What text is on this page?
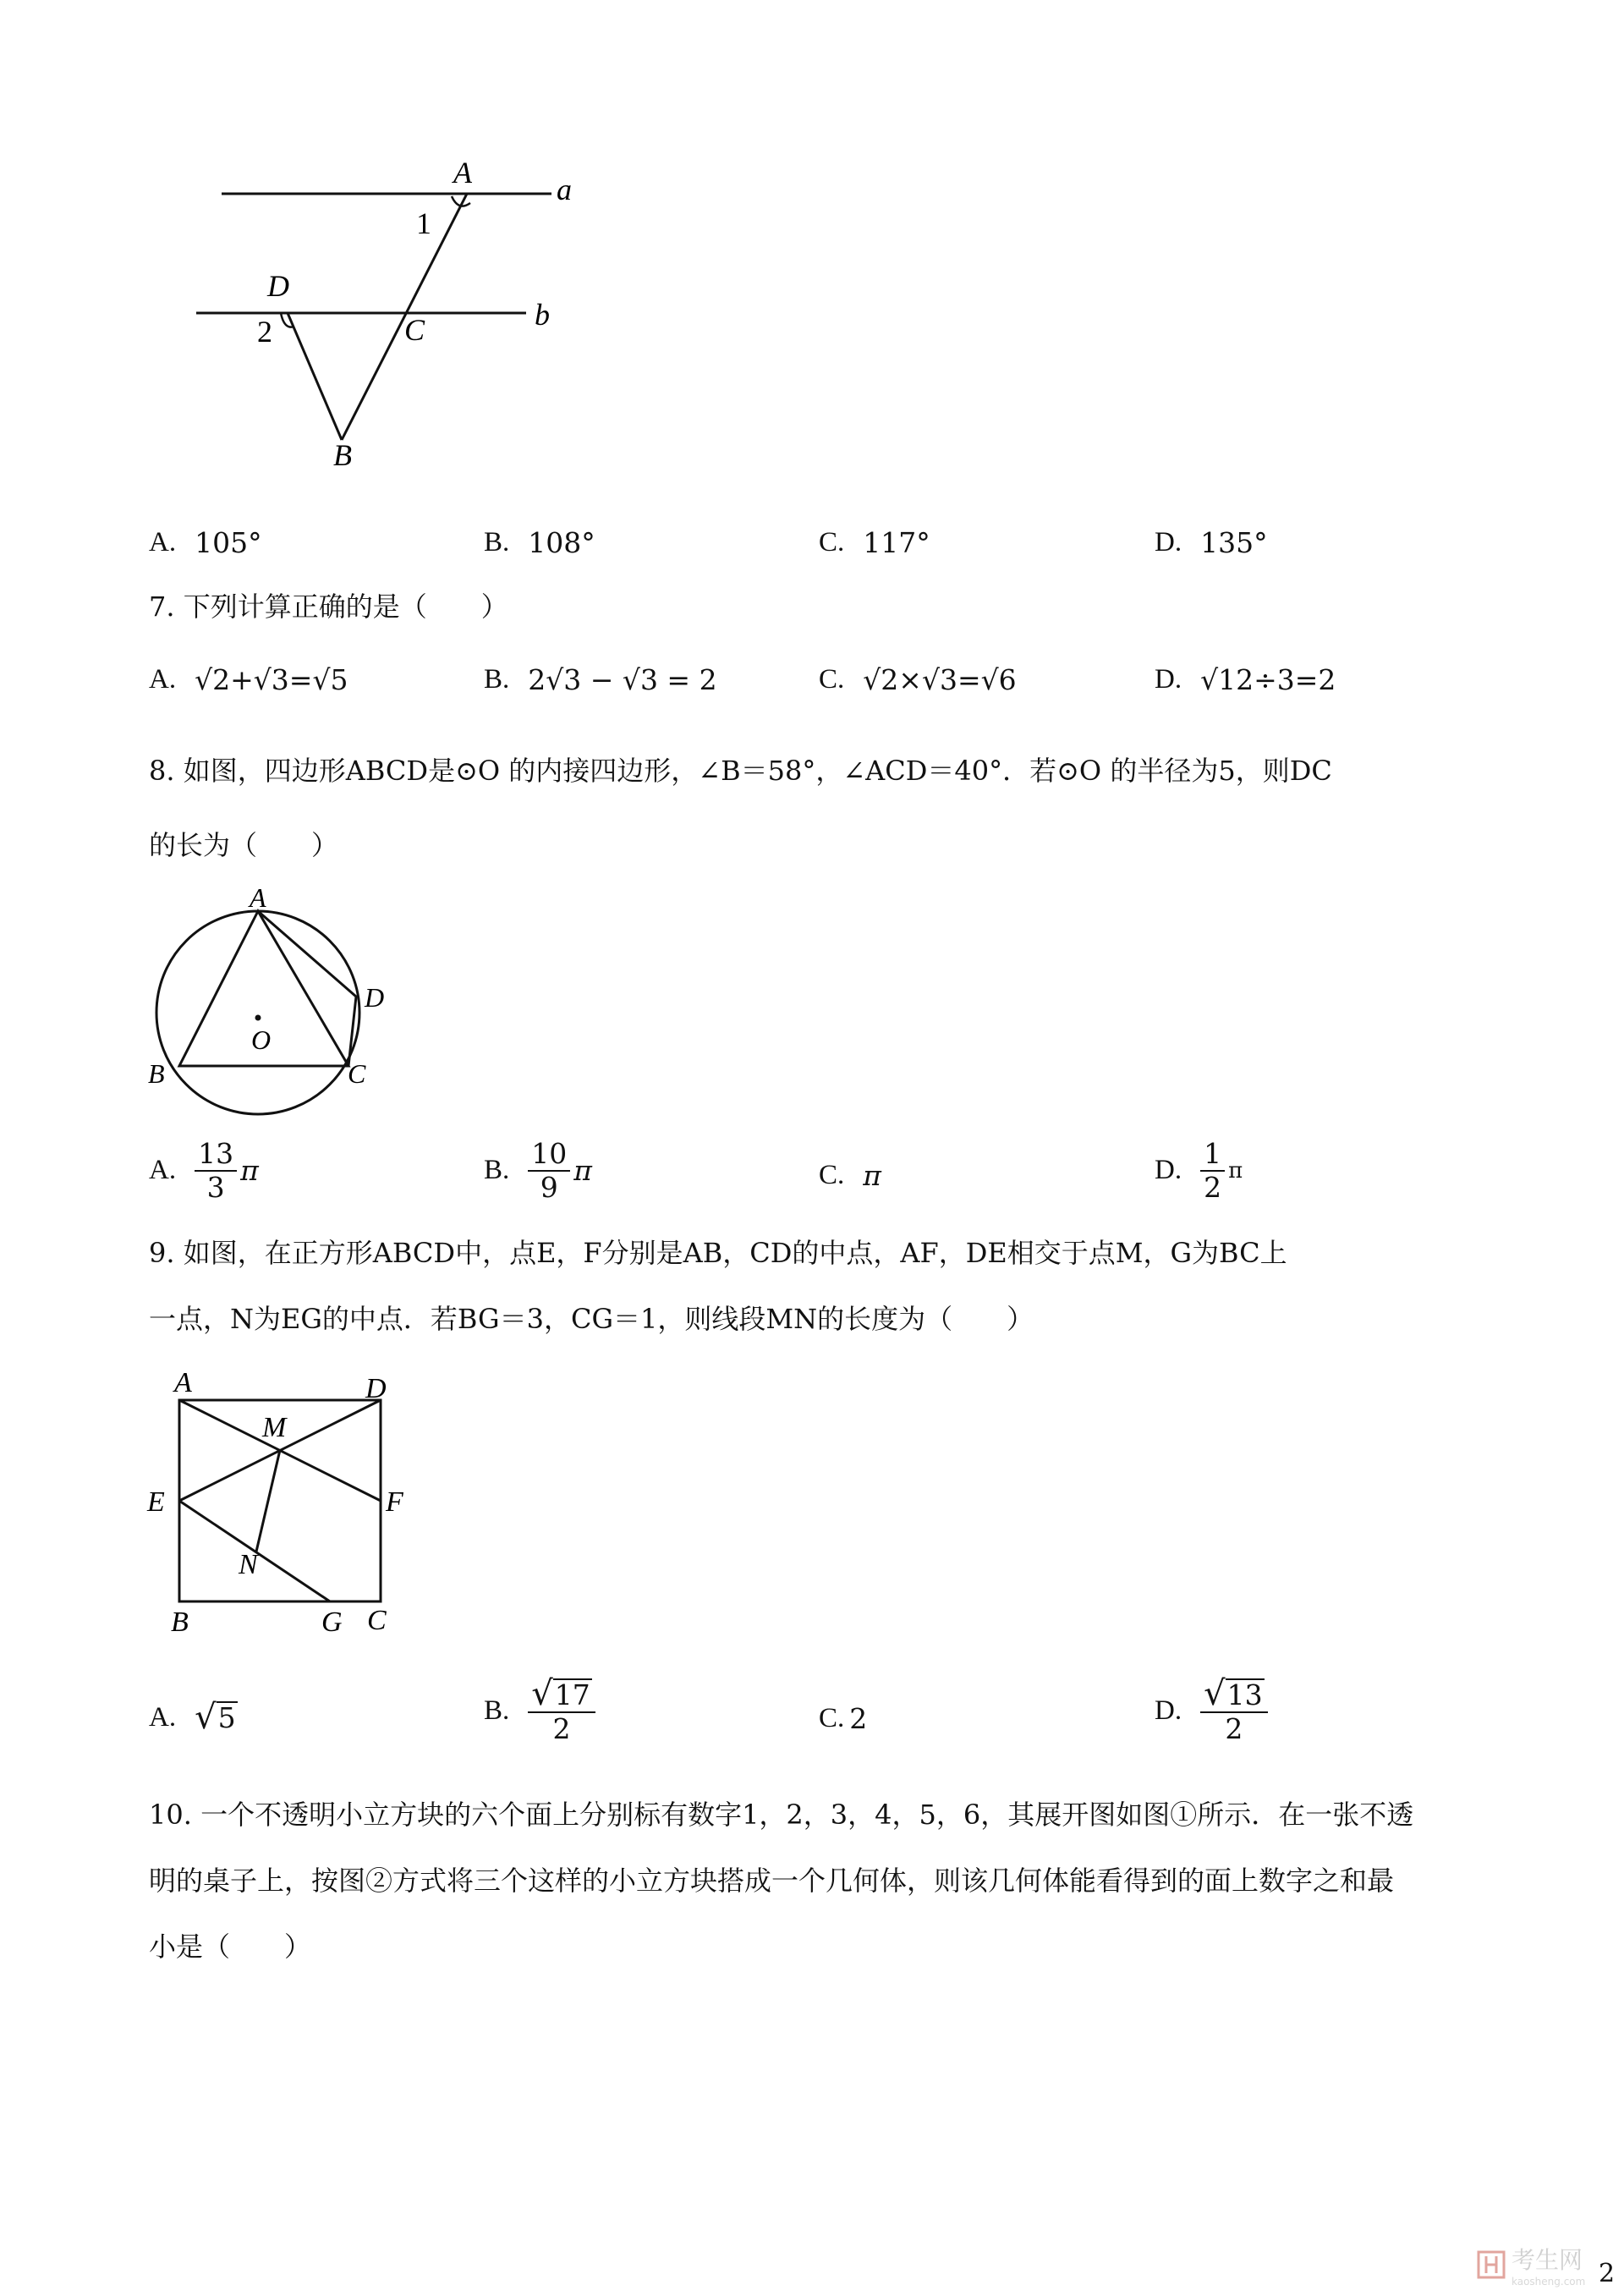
A	a
1
D
2	C	b
B
A. 105°	B. 108°	C. 117°	D. 135°
7. 下列计算正确的是（　　）
A. √2+√3=√5	B. 2√3 − √3 = 2	C. √2×√3=√6	D. √12÷3=2
8. 如图，四边形ABCD是⊙O 的内接四边形，∠B＝58°，∠ACD＝40°．若⊙O 的半径为5，则DC
的长为（　　）
A
B	C
D
O
A. $\frac{13}{3}$ π	B. $\frac{10}{9}$ π	C. π	D. $\frac{1}{2}$ π
9. 如图，在正方形ABCD中，点E，F分别是AB，CD的中点，AF，DE相交于点M，G为BC上
一点，N为EG的中点．若BG＝3，CG＝1，则线段MN的长度为（　　）
A	D
M
E	F
N
B	G C
A. √ 5	B. $\frac{√17}{2}$	C. 2	D. $\frac{√13}{2}$
10. 一个不透明小立方块的六个面上分别标有数字1，2，3，4，5，6，其展开图如图①所示．在一张不透
明的桌子上，按图②方式将三个这样的小立方块搭成一个几何体，则该几何体能看得到的面上数字之和最
小是（　　）
考生网
kaosheng.com 2
